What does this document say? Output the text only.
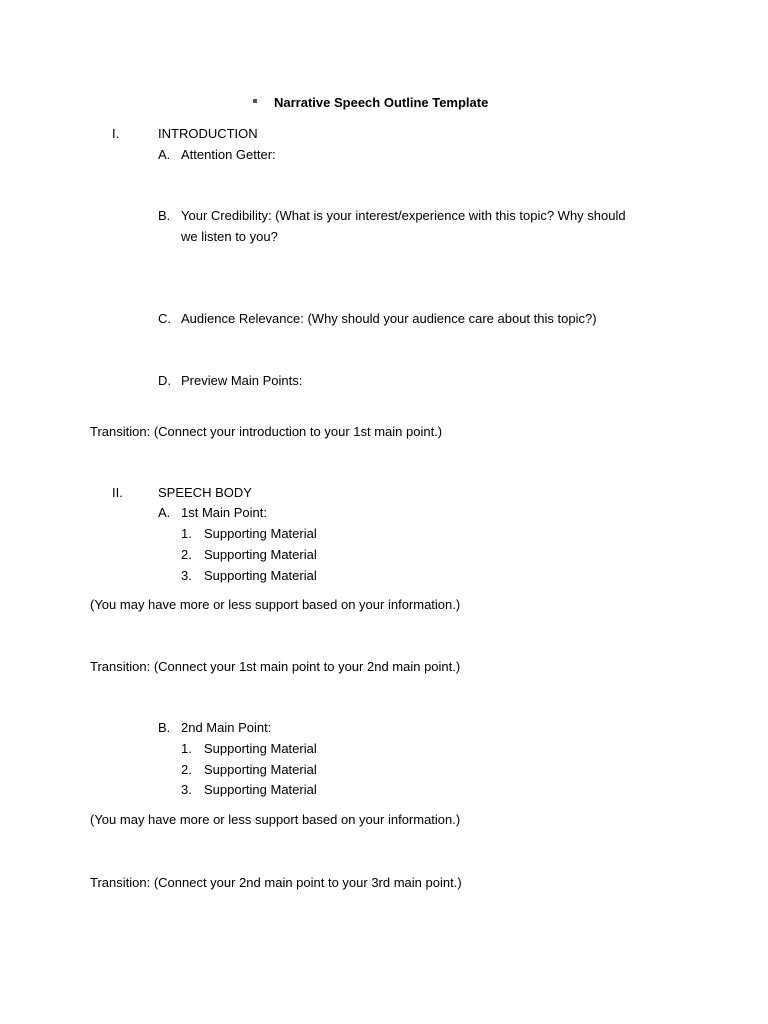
Narrative Speech Outline Template
I.	INTRODUCTION
A. Attention Getter:
B. Your Credibility: (What is your interest/experience with this topic? Why should
we listen to you?
C. Audience Relevance: (Why should your audience care about this topic?)
D. Preview Main Points:
Transition: (Connect your introduction to your 1st main point.)
II.	SPEECH BODY
A. 1st Main Point:
1. Supporting Material
2. Supporting Material
3. Supporting Material
(You may have more or less support based on your information.)
Transition: (Connect your 1st main point to your 2nd main point.)
B. 2nd Main Point:
1. Supporting Material
2. Supporting Material
3. Supporting Material
(You may have more or less support based on your information.)
Transition: (Connect your 2nd main point to your 3rd main point.)
